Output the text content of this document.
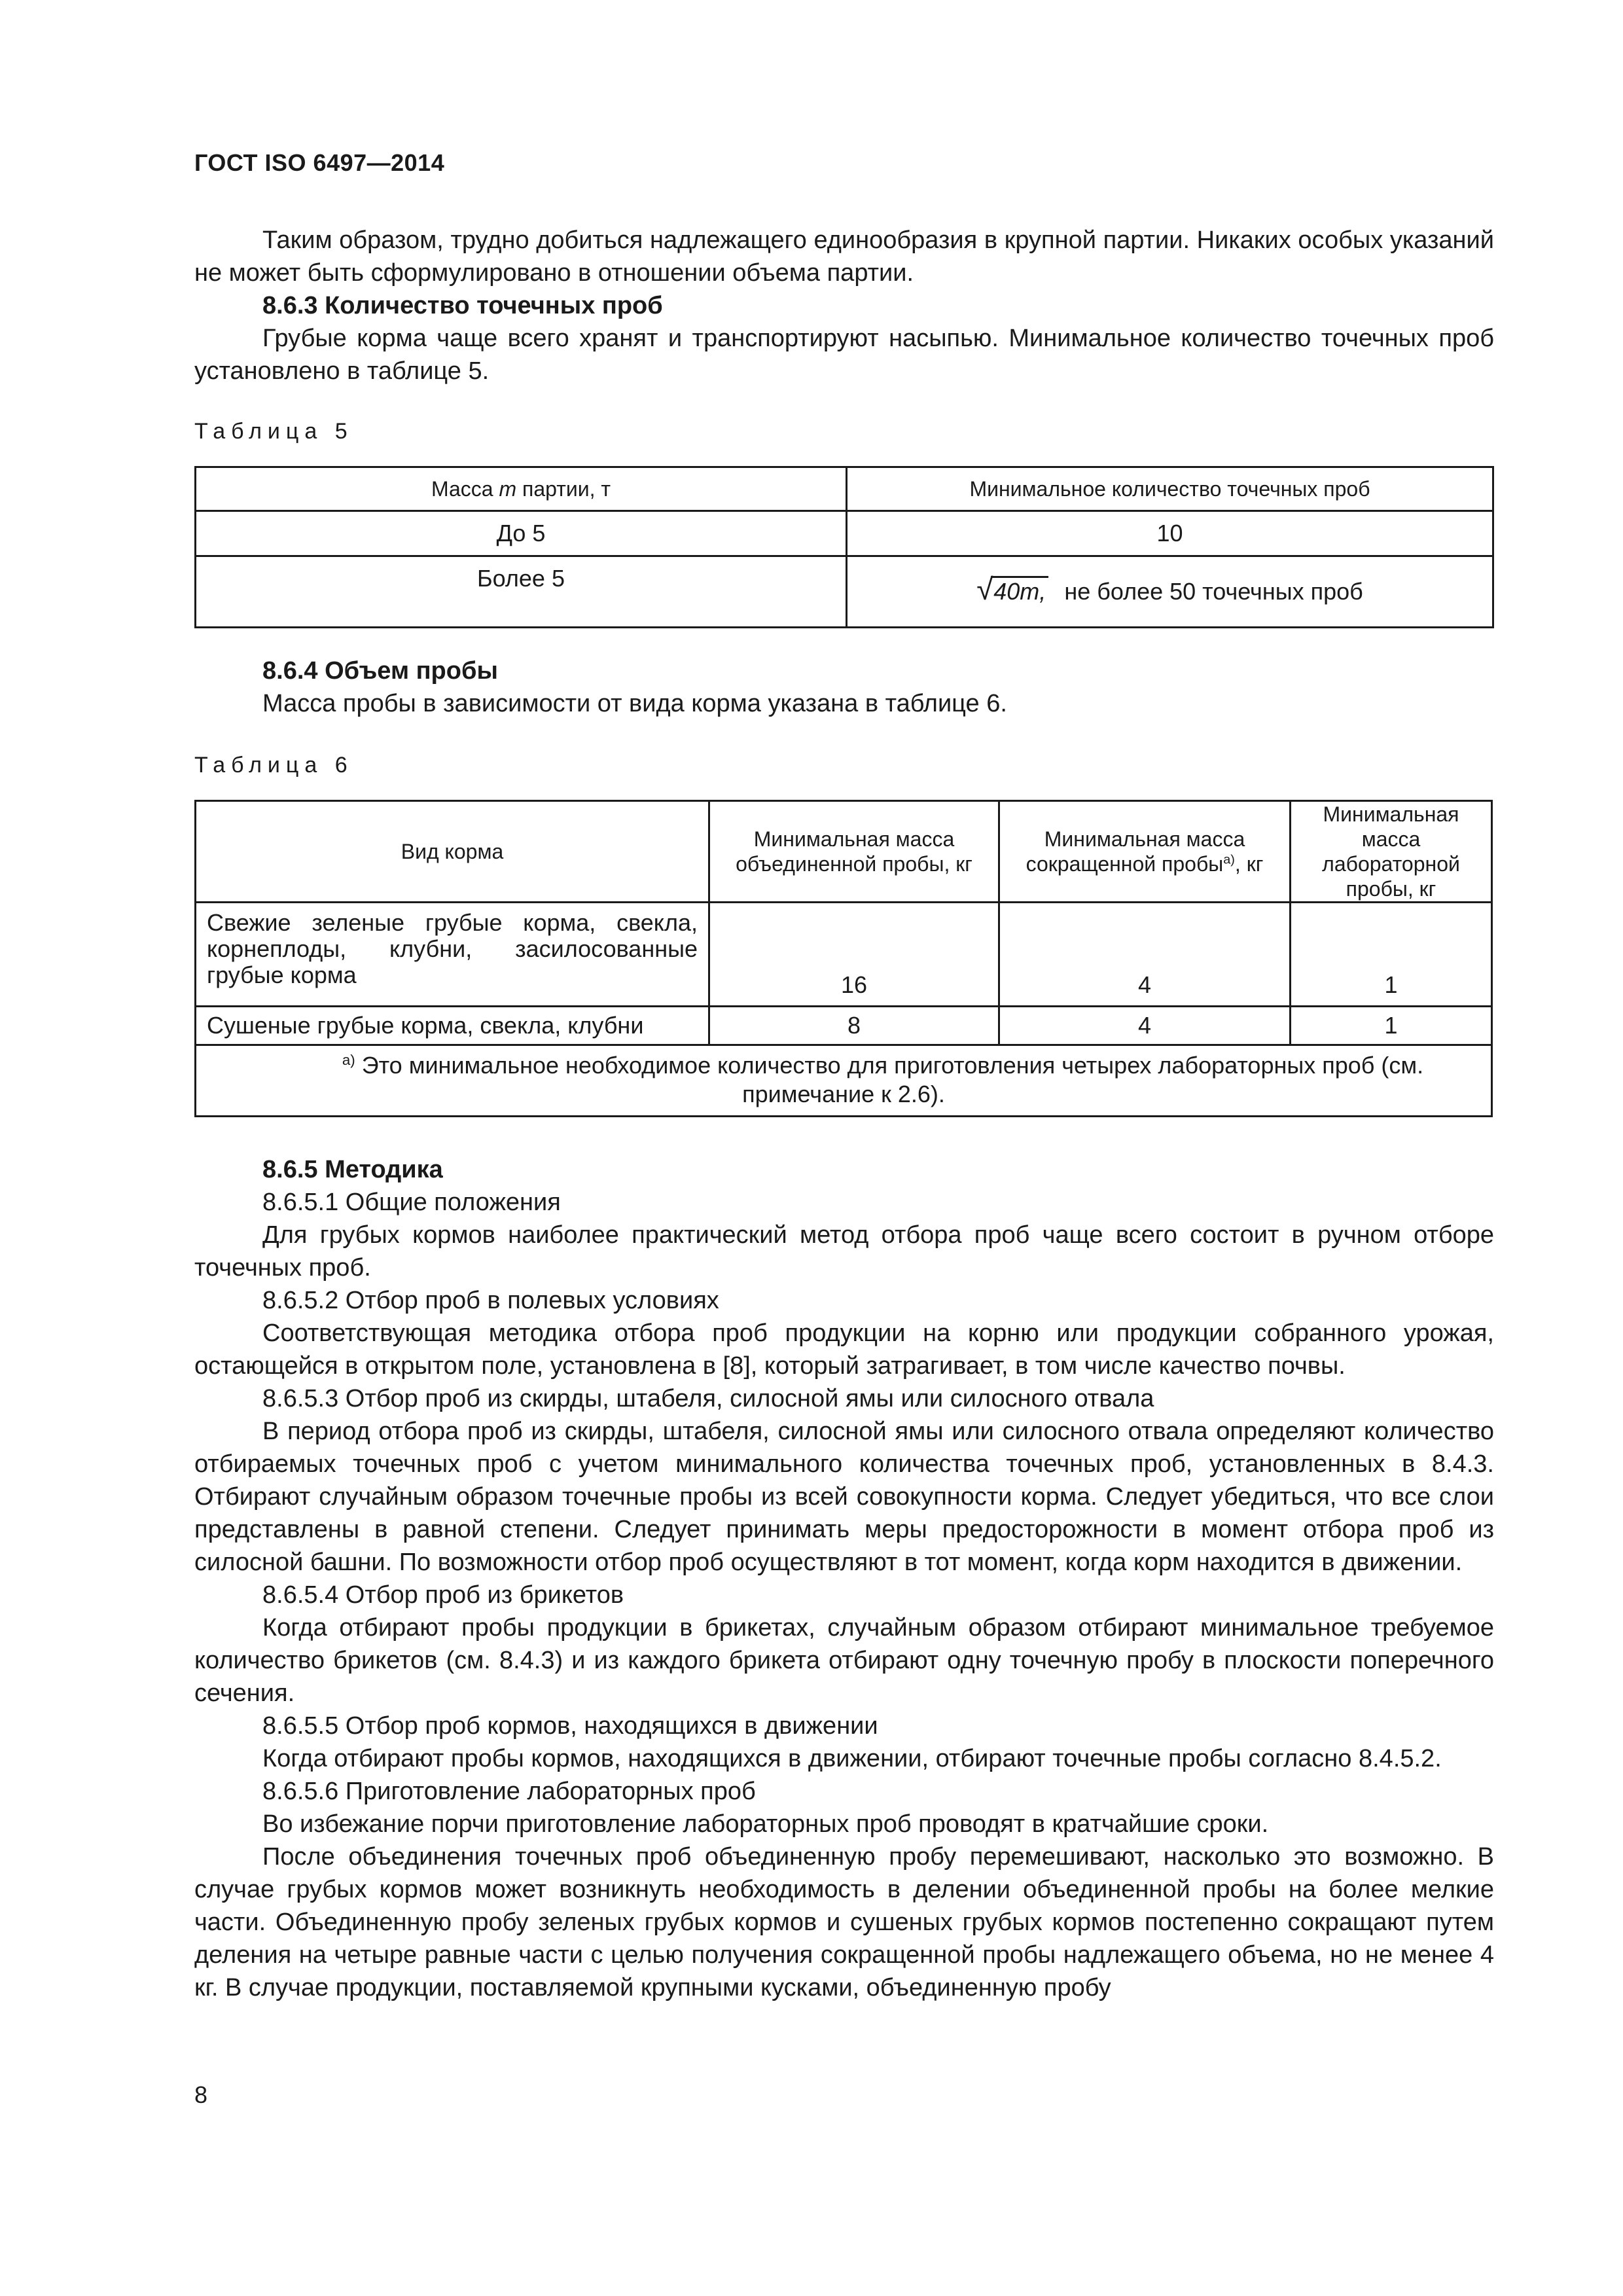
ГОСТ ISO 6497—2014

Таким образом, трудно добиться надлежащего единообразия в крупной партии. Никаких особых указаний не может быть сформулировано в отношении объема партии.

8.6.3 Количество точечных проб

Грубые корма чаще всего хранят и транспортируют насыпью. Минимальное количество точечных проб установлено в таблице 5.

Таблица 5
Масса m партии, т	Минимальное количество точечных проб
До 5	10
Более 5	√ 40m, не более 50 точечных проб

8.6.4 Объем пробы

Масса пробы в зависимости от вида корма указана в таблице 6.

Таблица 6
Вид корма	Минимальная масса объединенной пробы, кг	Минимальная масса сокращенной пробы$^{а)}$, кг	Минимальная масса лабораторной пробы, кг
Свежие зеленые грубые корма, свекла, корнеплоды, клубни, засилосованные грубые корма	16	4	1
Сушеные грубые корма, свекла, клубни	8	4	1
$^{а)}$ Это минимальное необходимое количество для приготовления четырех лабораторных проб (см. примечание к 2.6).			

8.6.5 Методика

8.6.5.1 Общие положения

Для грубых кормов наиболее практический метод отбора проб чаще всего состоит в ручном отборе точечных проб.

8.6.5.2 Отбор проб в полевых условиях

Соответствующая методика отбора проб продукции на корню или продукции собранного урожая, остающейся в открытом поле, установлена в [8], который затрагивает, в том числе качество почвы.

8.6.5.3 Отбор проб из скирды, штабеля, силосной ямы или силосного отвала

В период отбора проб из скирды, штабеля, силосной ямы или силосного отвала определяют количество отбираемых точечных проб с учетом минимального количества точечных проб, установленных в 8.4.3. Отбирают случайным образом точечные пробы из всей совокупности корма. Следует убедиться, что все слои представлены в равной степени. Следует принимать меры предосторожности в момент отбора проб из силосной башни. По возможности отбор проб осуществляют в тот момент, когда корм находится в движении.

8.6.5.4 Отбор проб из брикетов

Когда отбирают пробы продукции в брикетах, случайным образом отбирают минимальное требуемое количество брикетов (см. 8.4.3) и из каждого брикета отбирают одну точечную пробу в плоскости поперечного сечения.

8.6.5.5 Отбор проб кормов, находящихся в движении

Когда отбирают пробы кормов, находящихся в движении, отбирают точечные пробы согласно 8.4.5.2.

8.6.5.6 Приготовление лабораторных проб

Во избежание порчи приготовление лабораторных проб проводят в кратчайшие сроки.

После объединения точечных проб объединенную пробу перемешивают, насколько это возможно. В случае грубых кормов может возникнуть необходимость в делении объединенной пробы на более мелкие части. Объединенную пробу зеленых грубых кормов и сушеных грубых кормов постепенно сокращают путем деления на четыре равные части с целью получения сокращенной пробы надлежащего объема, но не менее 4 кг. В случае продукции, поставляемой крупными кусками, объединенную пробу

8
